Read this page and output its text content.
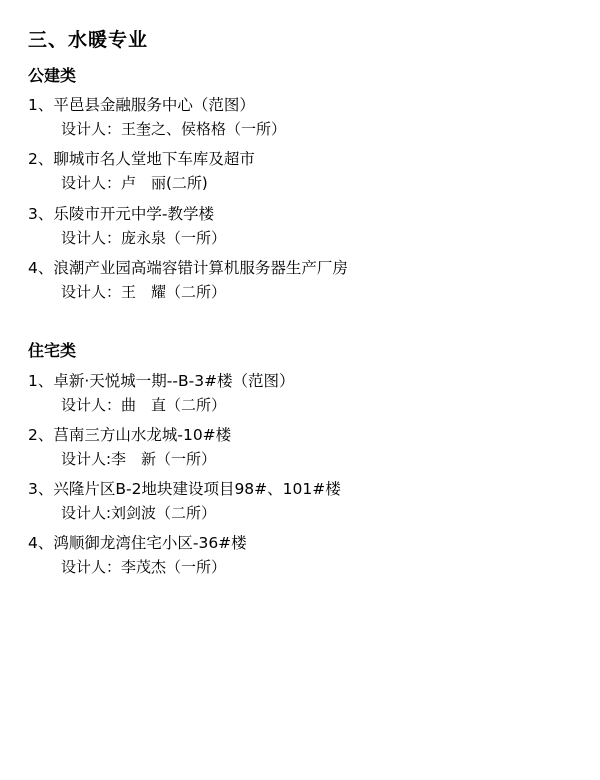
三、水暖专业
公建类
1、平邑县金融服务中心（范图）
设计人：王奎之、侯格格（一所）
2、聊城市名人堂地下车库及超市
设计人：卢　丽(二所)
3、乐陵市开元中学-教学楼
设计人：庞永泉（一所）
4、浪潮产业园高端容错计算机服务器生产厂房
设计人：王　耀（二所）
住宅类
1、卓新·天悦城一期--B-3#楼（范图）
设计人：曲　直（二所）
2、莒南三方山水龙城-10#楼
设计人:李　新（一所）
3、兴隆片区B-2地块建设项目98#、101#楼
设计人:刘剑波（二所）
4、鸿顺御龙湾住宅小区-36#楼
设计人：李茂杰（一所）
